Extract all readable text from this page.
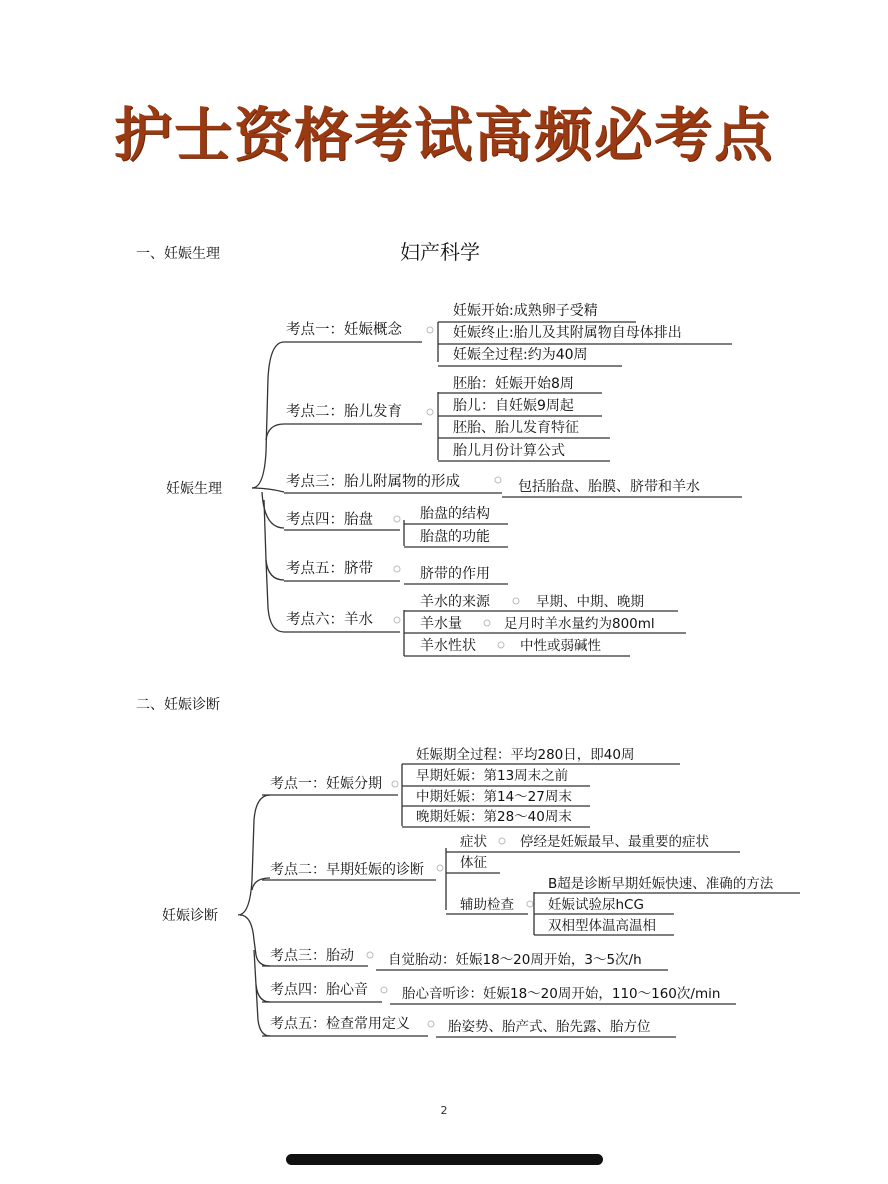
护士资格考试高频必考点
妇产科学
一、妊娠生理
二、妊娠诊断
妊娠生理
考点一：妊娠概念
妊娠开始:成熟卵子受精
妊娠终止:胎儿及其附属物自母体排出
妊娠全过程:约为40周
考点二：胎儿发育
胚胎：妊娠开始8周
胎儿：自妊娠9周起
胚胎、胎儿发育特征
胎儿月份计算公式
考点三：胎儿附属物的形成	包括胎盘、胎膜、脐带和羊水
考点四：胎盘	胎盘的结构
胎盘的功能
考点五：脐带	脐带的作用
考点六：羊水
羊水的来源	早期、中期、晚期
羊水量	足月时羊水量约为800ml
羊水性状	中性或弱碱性
妊娠诊断
考点一：妊娠分期
妊娠期全过程：平均280日，即40周
早期妊娠：第13周末之前
中期妊娠：第14～27周末
晚期妊娠：第28～40周末
考点二：早期妊娠的诊断
症状 停经是妊娠最早、最重要的症状
体征
辅助检查
B超是诊断早期妊娠快速、准确的方法
妊娠试验尿hCG
双相型体温高温相
考点三：胎动	自觉胎动：妊娠18～20周开始，3～5次/h
考点四：胎心音	胎心音听诊：妊娠18～20周开始，110～160次/min
考点五：检查常用定义	胎姿势、胎产式、胎先露、胎方位
2
